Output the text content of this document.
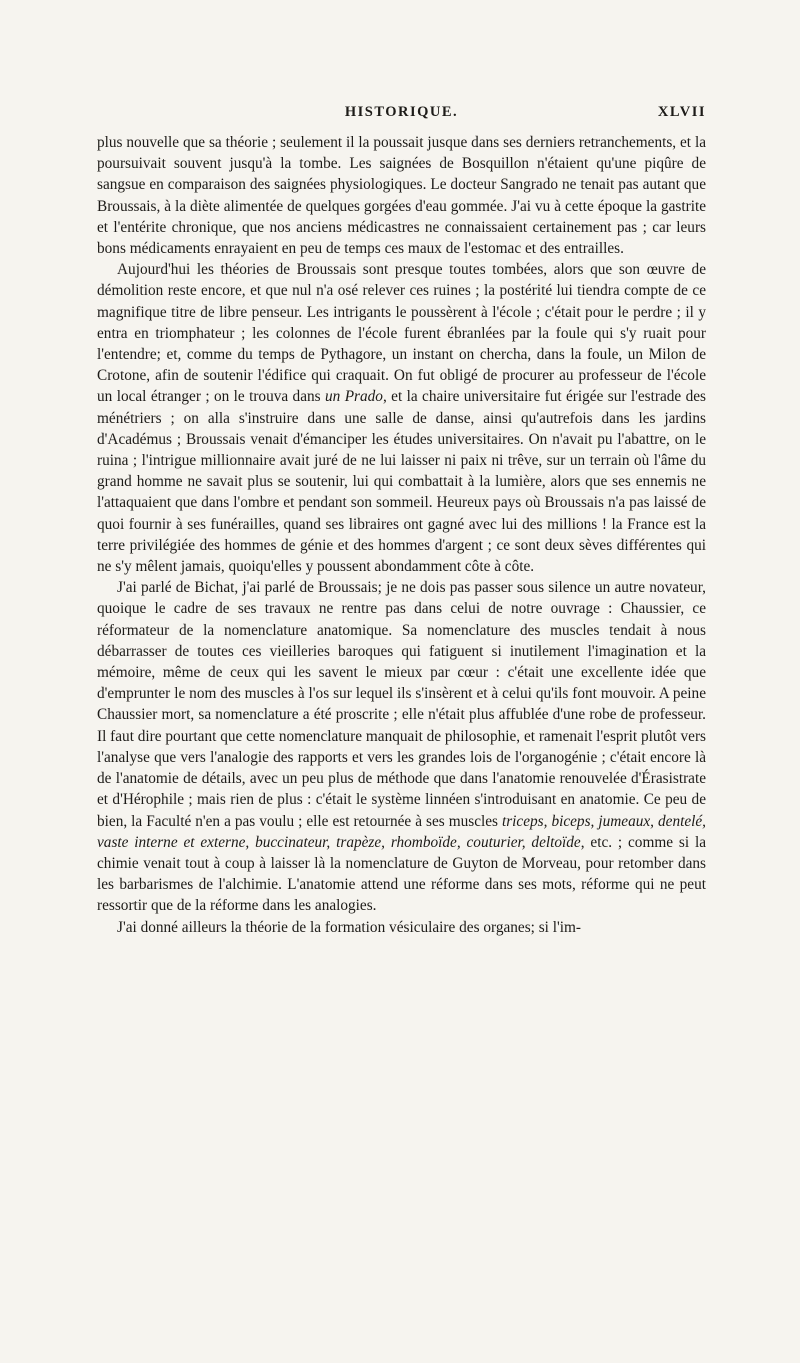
HISTORIQUE.	XLVII

plus nouvelle que sa théorie ; seulement il la poussait jusque dans ses derniers retranchements, et la poursuivait souvent jusqu'à la tombe. Les saignées de Bosquillon n'étaient qu'une piqûre de sangsue en comparaison des saignées physiologiques. Le docteur Sangrado ne tenait pas autant que Broussais, à la diète alimentée de quelques gorgées d'eau gommée. J'ai vu à cette époque la gastrite et l'entérite chronique, que nos anciens médicastres ne connaissaient certainement pas ; car leurs bons médicaments enrayaient en peu de temps ces maux de l'estomac et des entrailles.

Aujourd'hui les théories de Broussais sont presque toutes tombées, alors que son œuvre de démolition reste encore, et que nul n'a osé relever ces ruines ; la postérité lui tiendra compte de ce magnifique titre de libre penseur. Les intrigants le poussèrent à l'école ; c'était pour le perdre ; il y entra en triomphateur ; les colonnes de l'école furent ébranlées par la foule qui s'y ruait pour l'entendre; et, comme du temps de Pythagore, un instant on chercha, dans la foule, un Milon de Crotone, afin de soutenir l'édifice qui craquait. On fut obligé de procurer au professeur de l'école un local étranger ; on le trouva dans un Prado, et la chaire universitaire fut érigée sur l'estrade des ménétriers ; on alla s'instruire dans une salle de danse, ainsi qu'autrefois dans les jardins d'Académus ; Broussais venait d'émanciper les études universitaires. On n'avait pu l'abattre, on le ruina ; l'intrigue millionnaire avait juré de ne lui laisser ni paix ni trêve, sur un terrain où l'âme du grand homme ne savait plus se soutenir, lui qui combattait à la lumière, alors que ses ennemis ne l'attaquaient que dans l'ombre et pendant son sommeil. Heureux pays où Broussais n'a pas laissé de quoi fournir à ses funérailles, quand ses libraires ont gagné avec lui des millions ! la France est la terre privilégiée des hommes de génie et des hommes d'argent ; ce sont deux sèves différentes qui ne s'y mêlent jamais, quoiqu'elles y poussent abondamment côte à côte.

J'ai parlé de Bichat, j'ai parlé de Broussais; je ne dois pas passer sous silence un autre novateur, quoique le cadre de ses travaux ne rentre pas dans celui de notre ouvrage : Chaussier, ce réformateur de la nomenclature anatomique. Sa nomenclature des muscles tendait à nous débarrasser de toutes ces vieilleries baroques qui fatiguent si inutilement l'imagination et la mémoire, même de ceux qui les savent le mieux par cœur : c'était une excellente idée que d'emprunter le nom des muscles à l'os sur lequel ils s'insèrent et à celui qu'ils font mouvoir. A peine Chaussier mort, sa nomenclature a été proscrite ; elle n'était plus affublée d'une robe de professeur. Il faut dire pourtant que cette nomenclature manquait de philosophie, et ramenait l'esprit plutôt vers l'analyse que vers l'analogie des rapports et vers les grandes lois de l'organogénie ; c'était encore là de l'anatomie de détails, avec un peu plus de méthode que dans l'anatomie renouvelée d'Érasistrate et d'Hérophile ; mais rien de plus : c'était le système linnéen s'introduisant en anatomie. Ce peu de bien, la Faculté n'en a pas voulu ; elle est retournée à ses muscles triceps, biceps, jumeaux, dentelé, vaste interne et externe, buccinateur, trapèze, rhomboïde, couturier, deltoïde, etc. ; comme si la chimie venait tout à coup à laisser là la nomenclature de Guyton de Morveau, pour retomber dans les barbarismes de l'alchimie. L'anatomie attend une réforme dans ses mots, réforme qui ne peut ressortir que de la réforme dans les analogies.

J'ai donné ailleurs la théorie de la formation vésiculaire des organes; si l'im-
